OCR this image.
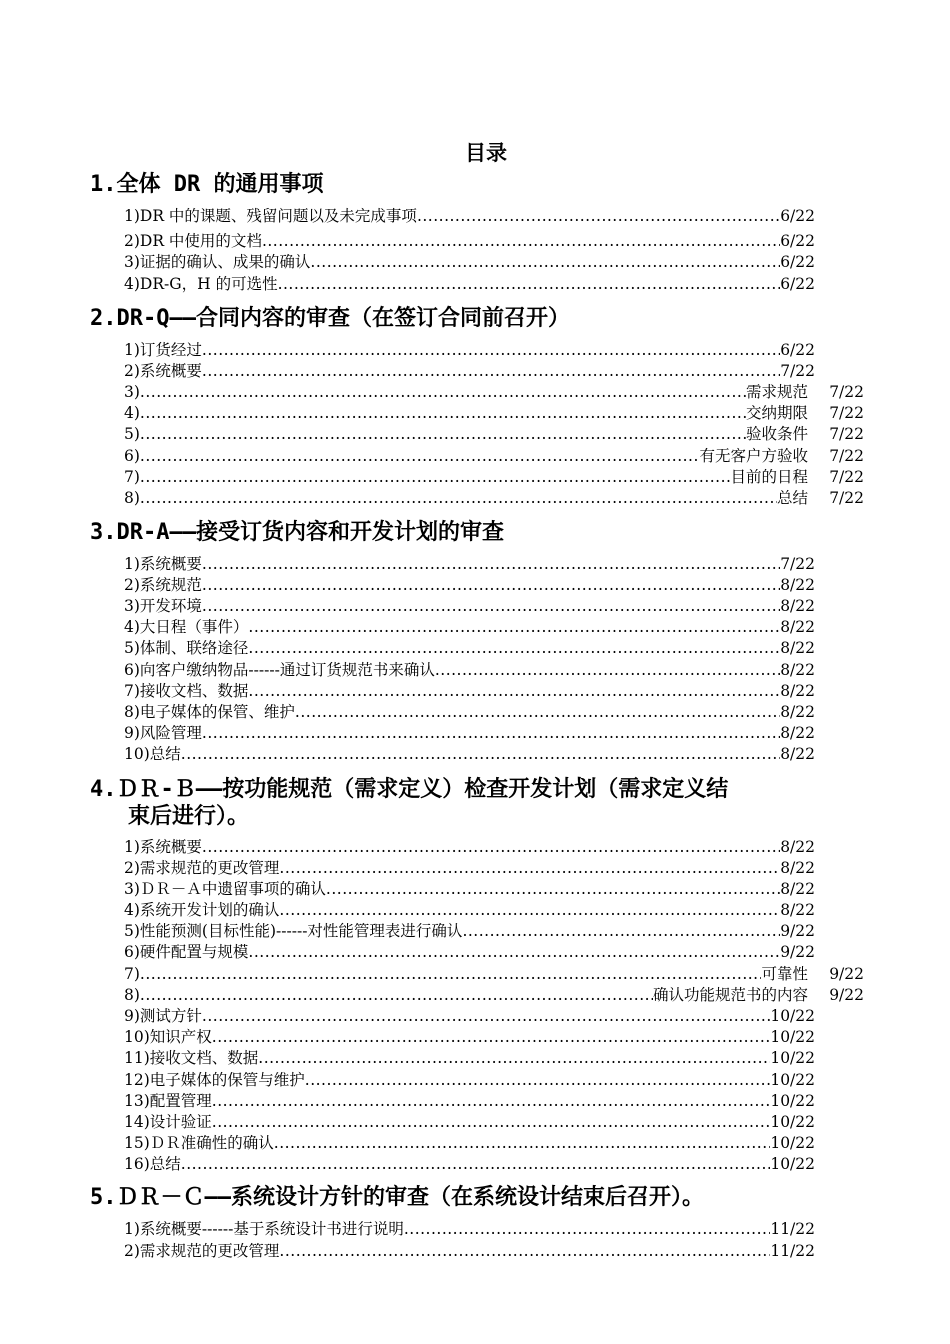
目录
1.全体 DR 的通用事项
1)DR 中的课题、残留问题以及未完成事项 .....	6/22
2)DR 中使用的文档 .....	6/22
3)证据的确认、成果的确认 .....	6/22
4)DR-G，H 的可选性 .....	6/22
2.DR-Q——合同内容的审查（在签订合同前召开）
1)订货经过 .....	6/22
2)系统概要 .....	7/22
3) .....	需求规范	7/22
4) .....	交纳期限	7/22
5) .....	验收条件	7/22
6) .....	有无客户方验收	7/22
7) .....	目前的日程	7/22
8) .....	总结	7/22
3.DR-A——接受订货内容和开发计划的审查
1)系统概要 .....	7/22
2)系统规范 .....	8/22
3)开发环境 .....	8/22
4)大日程（事件） .....	8/22
5)体制、联络途径 .....	8/22
6)向客户缴纳物品------通过订货规范书来确认 .....	8/22
7)接收文档、数据 .....	8/22
8)电子媒体的保管、维护 .....	8/22
9)风险管理 .....	8/22
10)总结 .....	8/22
4.ＤＲ-Ｂ——按功能规范（需求定义）检查开发计划（需求定义结
束后进行）。
1)系统概要 .....	8/22
2)需求规范的更改管理 .....	8/22
3)ＤＲ－Ａ中遗留事项的确认 .....	8/22
4)系统开发计划的确认 .....	8/22
5)性能预测(目标性能)------对性能管理表进行确认 .....	9/22
6)硬件配置与规模 .....	9/22
7) .....	可靠性	9/22
8) .....	确认功能规范书的内容	9/22
9)测试方针 .....	10/22
10)知识产权 .....	10/22
11)接收文档、数据 .....	10/22
12)电子媒体的保管与维护 .....	10/22
13)配置管理 .....	10/22
14)设计验证 .....	10/22
15)ＤＲ准确性的确认 .....	10/22
16)总结 .....	10/22
5.ＤＲ－Ｃ——系统设计方针的审查（在系统设计结束后召开）。
1)系统概要------基于系统设计书进行说明 .....	11/22
2)需求规范的更改管理 .....	11/22
